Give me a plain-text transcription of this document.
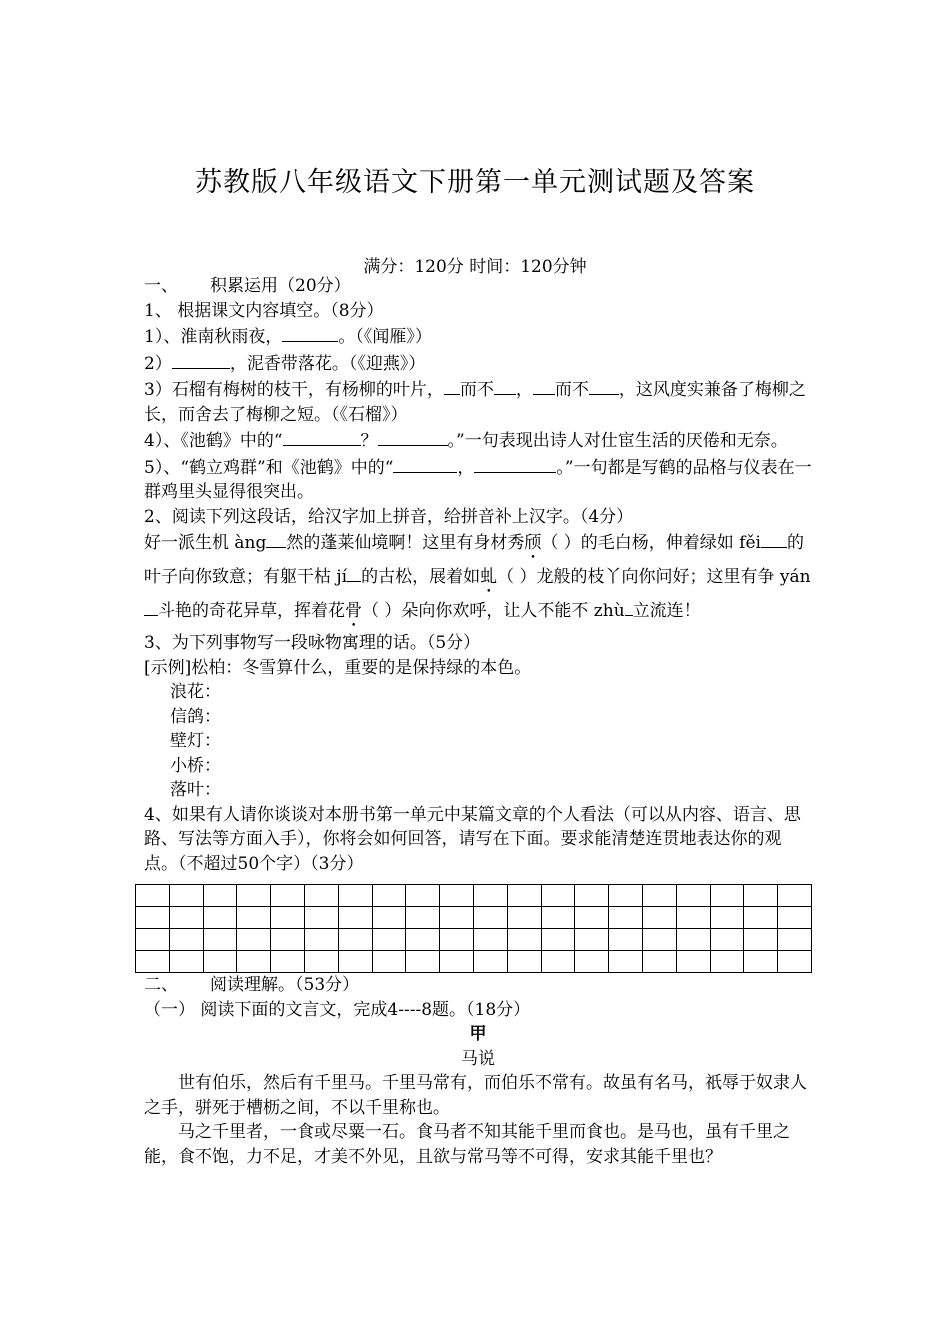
苏教版八年级语文下册第一单元测试题及答案
满分：120分 时间：120分钟

一、 积累运用（20分）

1、 根据课文内容填空。（8分）

1）、淮南秋雨夜，	。（《闻雁》）

2）	，泥香带落花。（《迎燕》）

3）石榴有梅树的枝干，有杨柳的叶片， 而不 ， 而不 ，这风度实兼备了梅柳之长，而舍去了梅柳之短。（《石榴》）

4）、《池鹤》中的“	？	。”一句表现出诗人对仕宦生活的厌倦和无奈。

5）、“鹤立鸡群”和《池鹤》中的“	，	。”一句都是写鹤的品格与仪表在一群鸡里头显得很突出。

2、阅读下列这段话，给汉字加上拼音，给拼音补上汉字。（4分）

好一派生机 àng 然的蓬莱仙境啊！这里有身材秀颀（ ）的毛白杨，伸着绿如 fěi 的叶子向你致意；有躯干枯 jí 的古松，展着如虬（ ）龙般的枝丫向你问好；这里有争 yán斗艳的奇花异草，挥着花骨（ ）朵向你欢呼，让人不能不 zhù 立流连！

3、为下列事物写一段咏物寓理的话。（5分）

[示例]松柏：冬雪算什么，重要的是保持绿的本色。

浪花：

信鸽：

壁灯：

小桥：

落叶：

4、如果有人请你谈谈对本册书第一单元中某篇文章的个人看法（可以从内容、语言、思路、写法等方面入手），你将会如何回答，请写在下面。要求能清楚连贯地表达你的观点。（不超过50个字）（3分）

二、 阅读理解。（53分）

（一） 阅读下面的文言文，完成4----8题。（18分）

甲

马说

世有伯乐，然后有千里马。千里马常有，而伯乐不常有。故虽有名马，祇辱于奴隶人之手，骈死于槽枥之间，不以千里称也。

马之千里者，一食或尽粟一石。食马者不知其能千里而食也。是马也，虽有千里之能，食不饱，力不足，才美不外见，且欲与常马等不可得，安求其能千里也？
